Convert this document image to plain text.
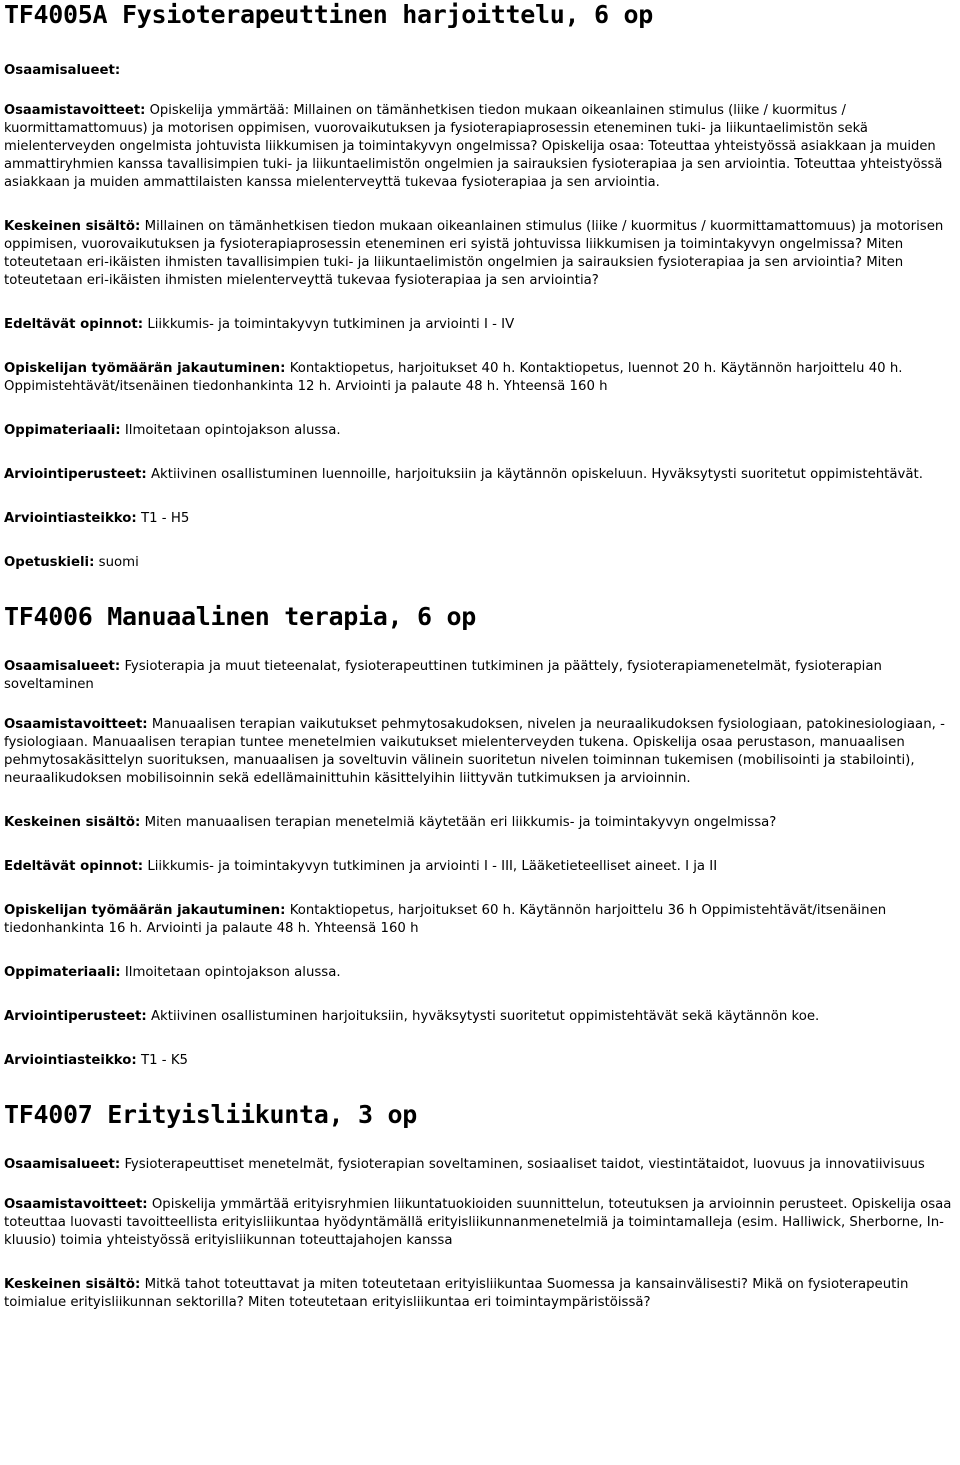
TF4005A Fysioterapeuttinen harjoittelu, 6 op

Osaamisalueet:

Osaamistavoitteet: Opiskelija ymmärtää: Millainen on tämänhetkisen tiedon mukaan oikeanlainen stimulus (liike / kuormitus / kuormittamattomuus) ja motorisen oppimisen, vuorovaikutuksen ja fysioterapiaprosessin eteneminen tuki- ja liikuntaelimistön sekä mielenterveyden ongelmista johtuvista liikkumisen ja toimintakyvyn ongelmissa? Opiskelija osaa: Toteuttaa yhteistyössä asiakkaan ja muiden ammattiryhmien kanssa tavallisimpien tuki- ja liikuntaelimistön ongelmien ja sairauksien fysioterapiaa ja sen arviointia. Toteuttaa yhteistyössä asiakkaan ja muiden ammattilaisten kanssa mielenterveyttä tukevaa fysioterapiaa ja sen arviointia.

Keskeinen sisältö: Millainen on tämänhetkisen tiedon mukaan oikeanlainen stimulus (liike / kuormitus / kuormittamattomuus) ja motorisen oppimisen, vuorovaikutuksen ja fysioterapiaprosessin eteneminen eri syistä johtuvissa liikkumisen ja toimintakyvyn ongelmissa? Miten toteutetaan eri-ikäisten ihmisten tavallisimpien tuki- ja liikuntaelimistön ongelmien ja sairauksien fysioterapiaa ja sen arviointia? Miten toteutetaan eri-ikäisten ihmisten mielenterveyttä tukevaa fysioterapiaa ja sen arviointia?

Edeltävät opinnot: Liikkumis- ja toimintakyvyn tutkiminen ja arviointi I - IV

Opiskelijan työmäärän jakautuminen: Kontaktiopetus, harjoitukset 40 h. Kontaktiopetus, luennot 20 h. Käytännön harjoittelu 40 h. Oppimistehtävät/itsenäinen tiedonhankinta 12 h. Arviointi ja palaute 48 h. Yhteensä 160 h

Oppimateriaali: Ilmoitetaan opintojakson alussa.

Arviointiperusteet: Aktiivinen osallistuminen luennoille, harjoituksiin ja käytännön opiskeluun. Hyväksytysti suoritetut oppimistehtävät.

Arviointiasteikko: T1 - H5

Opetuskieli: suomi

TF4006 Manuaalinen terapia, 6 op

Osaamisalueet: Fysioterapia ja muut tieteenalat, fysioterapeuttinen tutkiminen ja päättely, fysioterapiamenetelmät, fysioterapian soveltaminen

Osaamistavoitteet: Manuaalisen terapian vaikutukset pehmytosakudoksen, nivelen ja neuraalikudoksen fysiologiaan, patokinesiologiaan, -fysiologiaan. Manuaalisen terapian tuntee menetelmien vaikutukset mielenterveyden tukena. Opiskelija osaa perustason, manuaalisen pehmytosakäsittelyn suorituksen, manuaalisen ja soveltuvin välinein suoritetun nivelen toiminnan tukemisen (mobilisointi ja stabilointi), neuraalikudoksen mobilisoinnin sekä edellämainittuhin käsittelyihin liittyvän tutkimuksen ja arvioinnin.

Keskeinen sisältö: Miten manuaalisen terapian menetelmiä käytetään eri liikkumis- ja toimintakyvyn ongelmissa?

Edeltävät opinnot: Liikkumis- ja toimintakyvyn tutkiminen ja arviointi I - III, Lääketieteelliset aineet. I ja II

Opiskelijan työmäärän jakautuminen: Kontaktiopetus, harjoitukset 60 h. Käytännön harjoittelu 36 h Oppimistehtävät/itsenäinen tiedonhankinta 16 h. Arviointi ja palaute 48 h. Yhteensä 160 h

Oppimateriaali: Ilmoitetaan opintojakson alussa.

Arviointiperusteet: Aktiivinen osallistuminen harjoituksiin, hyväksytysti suoritetut oppimistehtävät sekä käytännön koe.

Arviointiasteikko: T1 - K5

TF4007 Erityisliikunta, 3 op

Osaamisalueet: Fysioterapeuttiset menetelmät, fysioterapian soveltaminen, sosiaaliset taidot, viestintätaidot, luovuus ja innovatiivisuus

Osaamistavoitteet: Opiskelija ymmärtää erityisryhmien liikuntatuokioiden suunnittelun, toteutuksen ja arvioinnin perusteet. Opiskelija osaa toteuttaa luovasti tavoitteellista erityisliikuntaa hyödyntämällä erityisliikunnanmenetelmiä ja toimintamalleja (esim. Halliwick, Sherborne, In-kluusio) toimia yhteistyössä erityisliikunnan toteuttajahojen kanssa

Keskeinen sisältö: Mitkä tahot toteuttavat ja miten toteutetaan erityisliikuntaa Suomessa ja kansainvälisesti? Mikä on fysioterapeutin toimialue erityisliikunnan sektorilla? Miten toteutetaan erityisliikuntaa eri toimintaympäristöissä?
